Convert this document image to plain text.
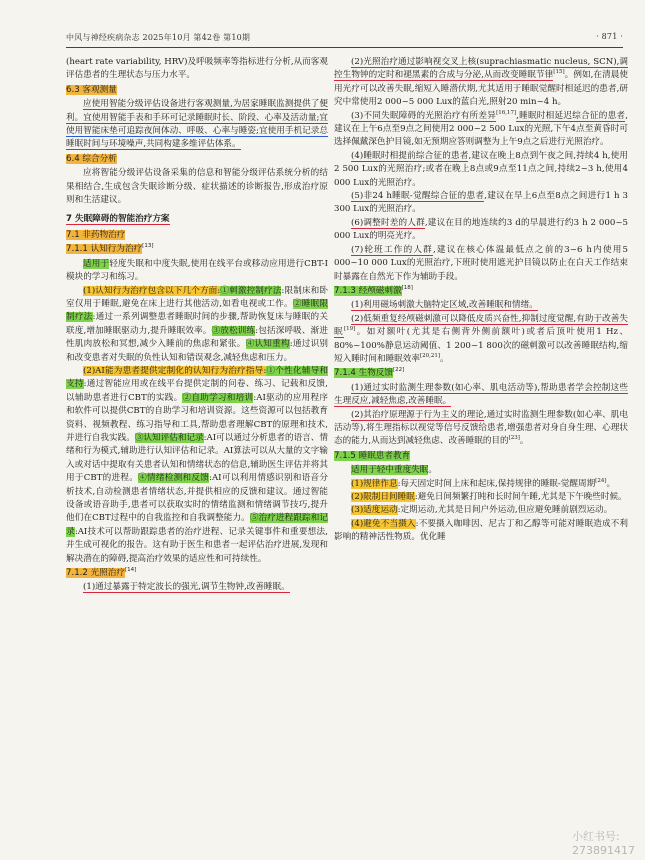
中风与神经疾病杂志 2025年10月 第42卷 第10期	· 871 ·

(heart rate variability, HRV)及呼吸频率等指标进行分析,从而客观评估患者的生理状态与压力水平。

6.3 客观测量

应使用智能分级评估设备进行客观测量,为居家睡眠监测提供了便利。宜使用智能手表和手环可记录睡眠时长、阶段、心率及活动量;宜使用智能床垫可追踪夜间体动、呼吸、心率与睡姿;宜使用手机记录总睡眠时间与环境噪声,共同构建多维评估体系。

6.4 综合分析

应将智能分级评估设备采集的信息和智能分级评估系统分析的结果相结合,生成包含失眠诊断分级、症状描述的诊断报告,形成治疗原则和生活建议。

7 失眠障碍的智能治疗方案
7.1 非药物治疗
7.1.1 认知行为治疗[13]

适用于轻度失眠和中度失眠,使用在线平台或移动应用进行CBT-I模块的学习和练习。

(1)认知行为治疗包含以下几个方面:①刺激控制疗法:限制床和卧室仅用于睡眠,避免在床上进行其他活动,如看电视或工作。②睡眠限制疗法:通过一系列调整患者睡眠时间的步骤,帮助恢复床与睡眠的关联度,增加睡眠驱动力,提升睡眠效率。③放松训练:包括深呼吸、渐进性肌肉放松和冥想,减少入睡前的焦虑和紧张。④认知重构:通过识别和改变患者对失眠的负性认知和错误观念,减轻焦虑和压力。

(2)AI能为患者提供定制化的认知行为治疗指导:①个性化辅导和支持:通过智能应用或在线平台提供定制的问卷、练习、记载和反馈,以辅助患者进行CBT的实践。②自助学习和培训:AI驱动的应用程序和软件可以提供CBT的自助学习和培训资源。这些资源可以包括教育资料、视频教程、练习指导和工具,帮助患者理解CBT的原理和技术,并进行自我实践。③认知评估和记录:AI可以通过分析患者的语言、情绪和行为模式,辅助进行认知评估和记录。AI算法可以从大量的文字输入或对话中提取有关患者认知和情绪状态的信息,辅助医生评估并将其用于CBT的进程。④情绪检测和反馈:AI可以利用情感识别和语音分析技术,自动检测患者情绪状态,并提供相应的反馈和建议。通过智能设备或语音助手,患者可以获取实时的情绪监测和情绪调节技巧,提升他们在CBT过程中的自我监控和自我调整能力。⑤治疗进程跟踪和记录:AI技术可以帮助跟踪患者的治疗进程、记录关键事件和重要想法,并生成可视化的报告。这有助于医生和患者一起评估治疗进展,发现和解决潜在的障碍,提高治疗效果的适应性和可持续性。

7.1.2 光照治疗[14]

(1)通过暴露于特定波长的强光,调节生物钟,改善睡眠。

(2)光照治疗通过影响视交叉上核(suprachiasmatic nucleus, SCN),调控生物钟的定时和褪黑素的合成与分泌,从而改变睡眠节律[15]。例如,在清晨使用光疗可以改善失眠,缩短入睡潜伏期,尤其适用于睡眠觉醒时相延迟的患者,研究中常使用2 000~5 000 Lux的蓝白光,照射20 min~4 h。

(3)不同失眠障碍的光照治疗有所差异[16,17],睡眠时相延迟综合征的患者,建议在上午6点至9点之间使用2 000~2 500 Lux的光照,下午4点至黄昏时可选择佩戴深色护目镜,如无预期应答则调整为上午9点之后进行光照治疗。

(4)睡眠时相提前综合征的患者,建议在晚上8点到午夜之间,持续4 h,使用2 500 Lux的光照治疗;或者在晚上8点或9点至11点之间,持续2~3 h,使用4 000 Lux的光照治疗。

(5)非24 h睡眠-觉醒综合征的患者,建议在早上6点至8点之间进行1 h 3 300 Lux的光照治疗。

(6)调整时差的人群,建议在目的地连续约3 d的早晨进行约3 h 2 000~5 000 Lux的明亮光疗。

(7)轮班工作的人群,建议在核心体温最低点之前的3~6 h内使用5 000~10 000 Lux的光照治疗,下班时使用遮光护目镜以防止在白天工作结束时暴露在自然光下作为辅助手段。

7.1.3 经颅磁刺激[18]

(1)利用磁场刺激大脑特定区域,改善睡眠和情绪。

(2)低频重复经颅磁刺激可以降低皮质兴奋性,抑制过度觉醒,有助于改善失眠[19]。如对额叶(尤其是右侧背外侧前额叶)或者后顶叶使用1 Hz、80%~100%静息运动阈值、1 200~1 800次的磁刺激可以改善睡眠结构,缩短入睡时间和睡眠效率[20,21]。

7.1.4 生物反馈[22]

(1)通过实时监测生理参数(如心率、肌电活动等),帮助患者学会控制这些生理反应,减轻焦虑,改善睡眠。

(2)其治疗原理源于行为主义的理论,通过实时监测生理参数(如心率、肌电活动等),将生理指标以视觉等信号反馈给患者,增强患者对身自身生理、心理状态的能力,从而达到减轻焦虑、改善睡眠的目的[23]。

7.1.5 睡眠患者教育

适用于轻中重度失眠。

(1)规律作息:每天固定时间上床和起床,保持规律的睡眠-觉醒周期[24]。

(2)限制日间睡眠:避免日间频繁打盹和长时间午睡,尤其是下午晚些时候。

(3)适度运动:定期运动,尤其是日间户外运动,但应避免睡前剧烈运动。

(4)避免不当摄入:不要摄入咖啡因、尼古丁和乙醇等可能对睡眠造成不利影响的精神活性物质。优化睡

小红书号: 273891417
